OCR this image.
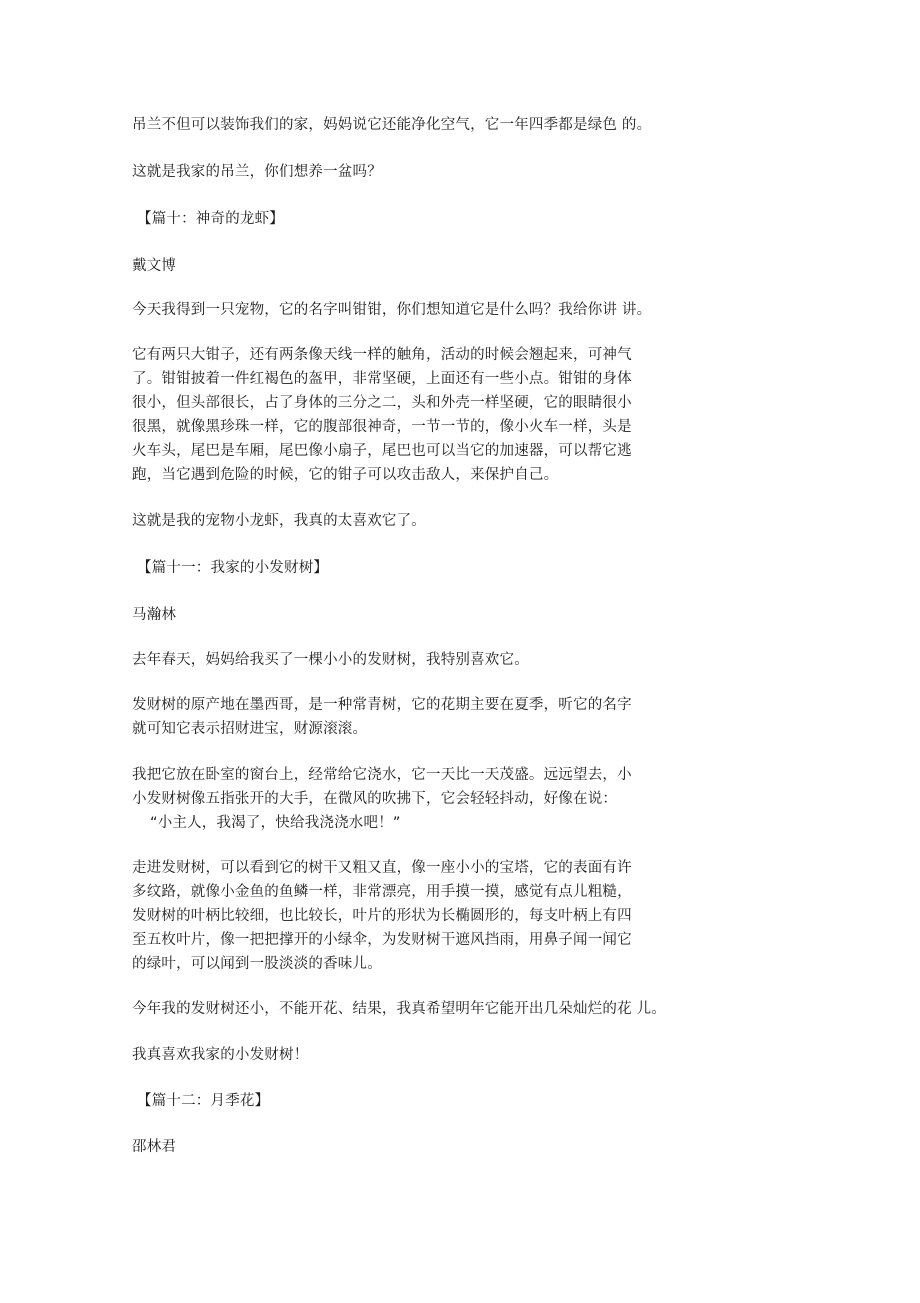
吊兰不但可以装饰我们的家，妈妈说它还能净化空气，它一年四季都是绿色 的。
这就是我家的吊兰，你们想养一盆吗？
【篇十：神奇的龙虾】
戴文博
今天我得到一只宠物，它的名字叫钳钳，你们想知道它是什么吗？我给你讲 讲。
它有两只大钳子，还有两条像天线一样的触角，活动的时候会翘起来，可神气
了。钳钳披着一件红褐色的盔甲，非常坚硬，上面还有一些小点。钳钳的身体
很小，但头部很长，占了身体的三分之二，头和外壳一样坚硬，它的眼睛很小
很黑，就像黑珍珠一样，它的腹部很神奇，一节一节的，像小火车一样，头是
火车头，尾巴是车厢，尾巴像小扇子，尾巴也可以当它的加速器，可以帮它逃
跑，当它遇到危险的时候，它的钳子可以攻击敌人，来保护自己。
这就是我的宠物小龙虾，我真的太喜欢它了。
【篇十一：我家的小发财树】
马瀚林
去年春天，妈妈给我买了一棵小小的发财树，我特别喜欢它。
发财树的原产地在墨西哥，是一种常青树，它的花期主要在夏季，听它的名字
就可知它表示招财进宝，财源滚滚。
我把它放在卧室的窗台上，经常给它浇水，它一天比一天茂盛。远远望去，小
小发财树像五指张开的大手，在微风的吹拂下，它会轻轻抖动，好像在说：
“小主人，我渴了，快给我浇浇水吧！”
走进发财树，可以看到它的树干又粗又直，像一座小小的宝塔，它的表面有许
多纹路，就像小金鱼的鱼鳞一样，非常漂亮，用手摸一摸，感觉有点儿粗糙，
发财树的叶柄比较细，也比较长，叶片的形状为长椭圆形的，每支叶柄上有四
至五枚叶片，像一把把撑开的小绿伞，为发财树干遮风挡雨，用鼻子闻一闻它
的绿叶，可以闻到一股淡淡的香味儿。
今年我的发财树还小，不能开花、结果，我真希望明年它能开出几朵灿烂的花 儿。
我真喜欢我家的小发财树！
【篇十二：月季花】
邵林君
